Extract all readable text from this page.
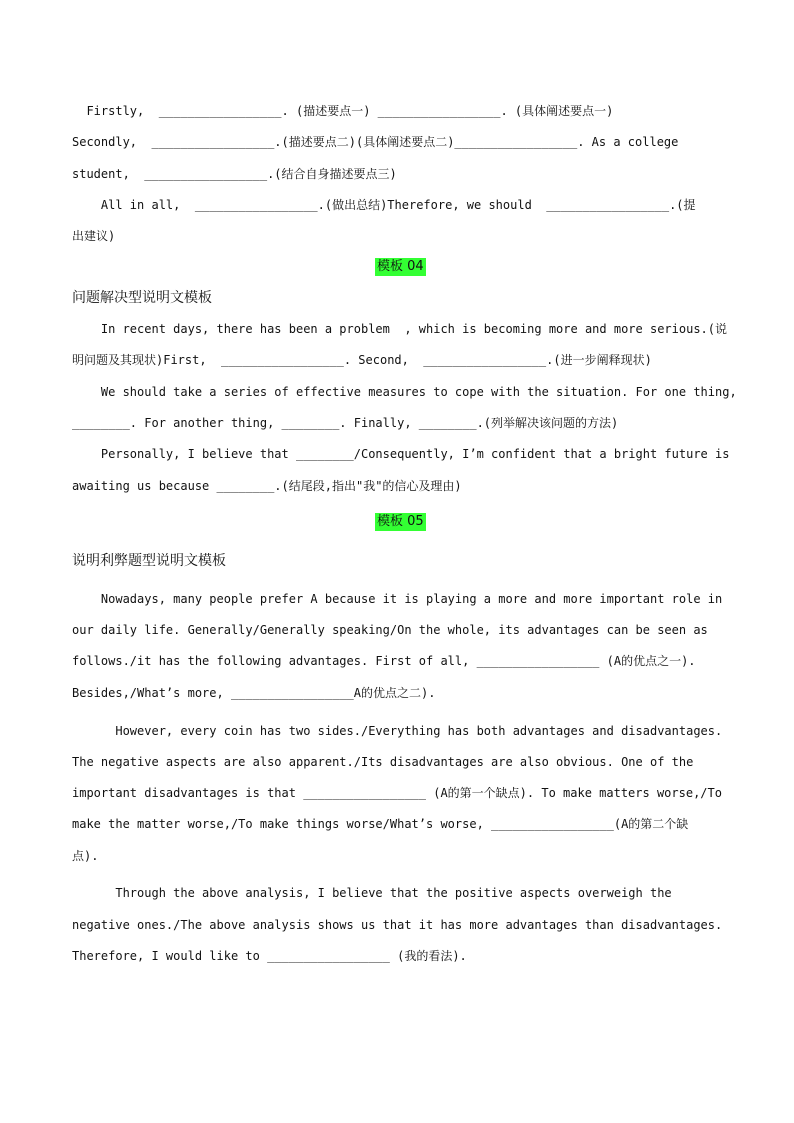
Firstly,  _________________. (描述要点一) _________________. (具体阐述要点一)
Secondly,  _________________.(描述要点二)(具体阐述要点二)_________________. As a college
student,  _________________.(结合自身描述要点三)
All in all,  _________________.(做出总结)Therefore, we should  _________________.(提
出建议)
模板 04
问题解决型说明文模板
In recent days, there has been a problem  , which is becoming more and more serious.(说
明问题及其现状)First,  _________________. Second,  _________________.(进一步阐释现状)
We should take a series of effective measures to cope with the situation. For one thing,
________. For another thing, ________. Finally, ________.(列举解决该问题的方法)
Personally, I believe that ________/Consequently, I’m confident that a bright future is
awaiting us because ________.(结尾段,指出"我"的信心及理由)
模板 05
说明利弊题型说明文模板
Nowadays, many people prefer A because it is playing a more and more important role in
our daily life. Generally/Generally speaking/On the whole, its advantages can be seen as
follows./it has the following advantages. First of all, _________________ (A的优点之一).
Besides,/What’s more, _________________A的优点之二).
However, every coin has two sides./Everything has both advantages and disadvantages.
The negative aspects are also apparent./Its disadvantages are also obvious. One of the
important disadvantages is that _________________ (A的第一个缺点). To make matters worse,/To
make the matter worse,/To make things worse/What’s worse, _________________(A的第二个缺
点).
Through the above analysis, I believe that the positive aspects overweigh the
negative ones./The above analysis shows us that it has more advantages than disadvantages.
Therefore, I would like to _________________ (我的看法).
